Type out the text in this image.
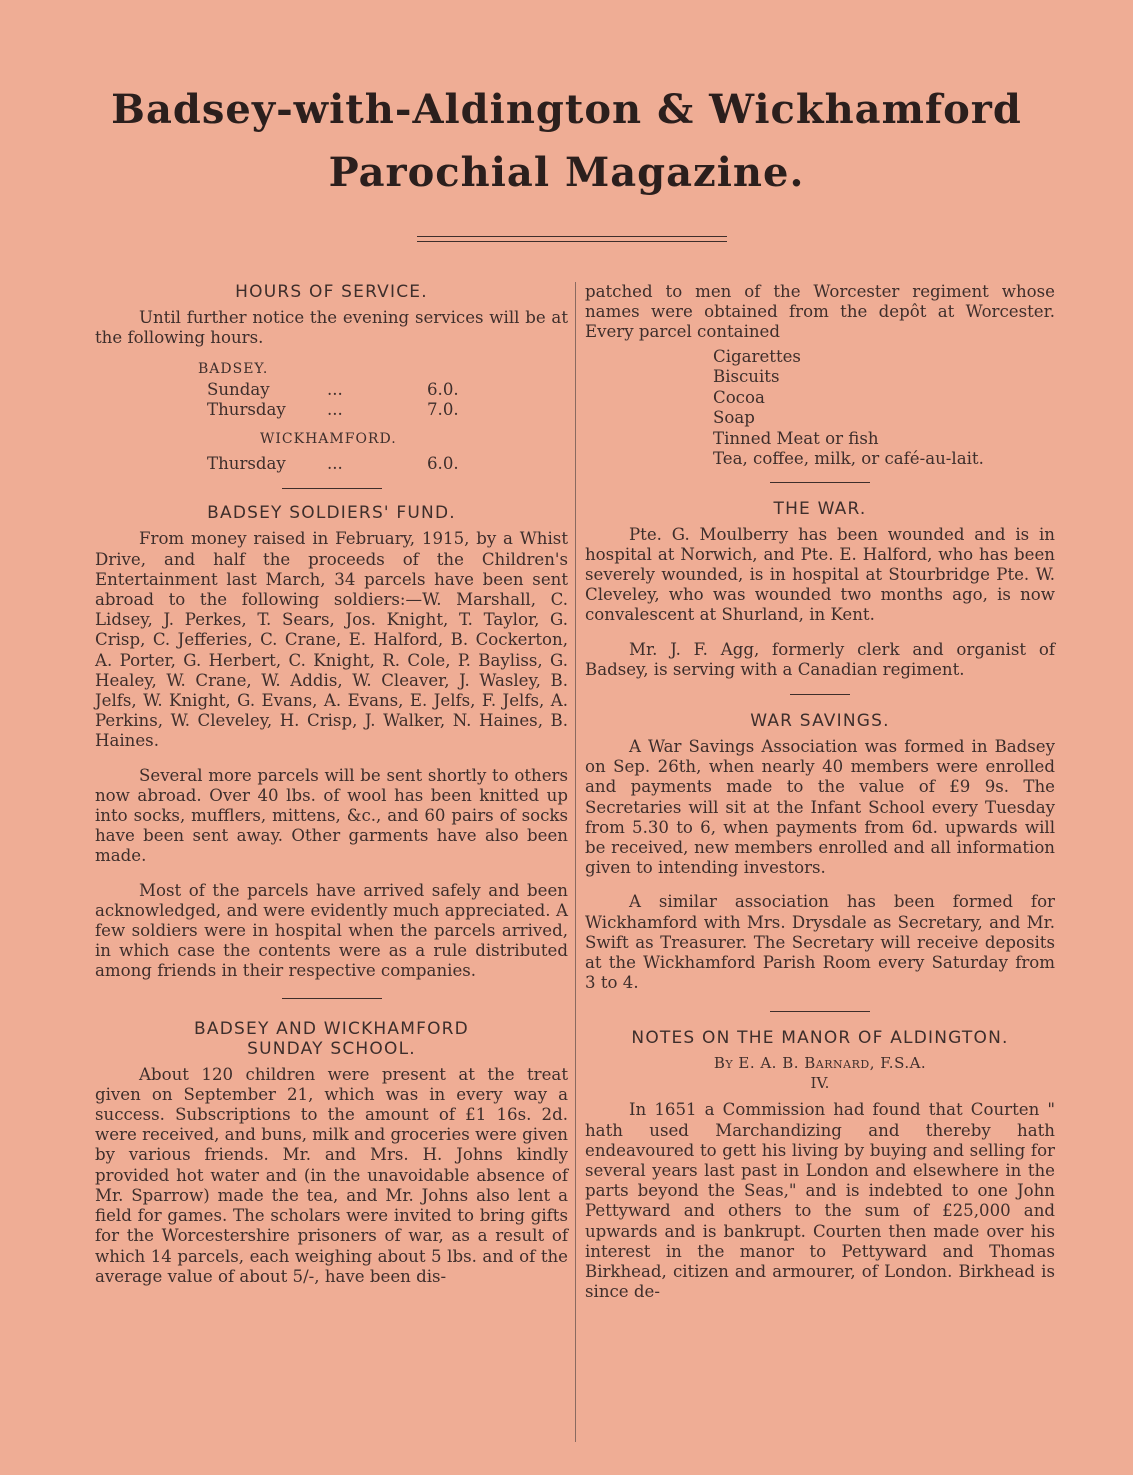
Badsey-with-Aldington & Wickhamford
Parochial Magazine.
HOURS OF SERVICE.

Until further notice the evening services will be at the following hours.

BADSEY.
Sunday	...	6.0.
Thursday	...	7.0.
WICKHAMFORD.
Thursday	...	6.0.
BADSEY SOLDIERS' FUND.

From money raised in February, 1915, by a Whist Drive, and half the proceeds of the Children's Entertainment last March, 34 parcels have been sent abroad to the following soldiers:—W. Marshall, C. Lidsey, J. Perkes, T. Sears, Jos. Knight, T. Taylor, G. Crisp, C. Jefferies, C. Crane, E. Halford, B. Cockerton, A. Porter, G. Herbert, C. Knight, R. Cole, P. Bayliss, G. Healey, W. Crane, W. Addis, W. Cleaver, J. Wasley, B. Jelfs, W. Knight, G. Evans, A. Evans, E. Jelfs, F. Jelfs, A. Perkins, W. Cleveley, H. Crisp, J. Walker, N. Haines, B. Haines.

Several more parcels will be sent shortly to others now abroad. Over 40 lbs. of wool has been knitted up into socks, mufflers, mittens, &c., and 60 pairs of socks have been sent away. Other garments have also been made.

Most of the parcels have arrived safely and been acknowledged, and were evidently much appreciated. A few soldiers were in hospital when the parcels arrived, in which case the contents were as a rule distributed among friends in their respective companies.

BADSEY AND WICKHAMFORD
SUNDAY SCHOOL.

About 120 children were present at the treat given on September 21, which was in every way a success. Subscriptions to the amount of £1 16s. 2d. were received, and buns, milk and groceries were given by various friends. Mr. and Mrs. H. Johns kindly provided hot water and (in the unavoidable absence of Mr. Sparrow) made the tea, and Mr. Johns also lent a field for games. The scholars were invited to bring gifts for the Worcestershire prisoners of war, as a result of which 14 parcels, each weighing about 5 lbs. and of the average value of about 5/-, have been dis-

patched to men of the Worcester regiment whose names were obtained from the depôt at Worcester. Every parcel contained

Cigarettes
Biscuits
Cocoa
Soap
Tinned Meat or fish
Tea, coffee, milk, or café-au-lait.
THE WAR.

Pte. G. Moulberry has been wounded and is in hospital at Norwich, and Pte. E. Halford, who has been severely wounded, is in hospital at Stourbridge Pte. W. Cleveley, who was wounded two months ago, is now convalescent at Shurland, in Kent.

Mr. J. F. Agg, formerly clerk and organist of Badsey, is serving with a Canadian regiment.

WAR SAVINGS.

A War Savings Association was formed in Badsey on Sep. 26th, when nearly 40 members were enrolled and payments made to the value of £9 9s. The Secretaries will sit at the Infant School every Tuesday from 5.30 to 6, when payments from 6d. upwards will be received, new members enrolled and all information given to intending investors.

A similar association has been formed for Wickhamford with Mrs. Drysdale as Secretary, and Mr. Swift as Treasurer. The Secretary will receive deposits at the Wickhamford Parish Room every Saturday from 3 to 4.

NOTES ON THE MANOR OF ALDINGTON.
By E. A. B. Barnard, F.S.A.
IV.

In 1651 a Commission had found that Courten " hath used Marchandizing and thereby hath endeavoured to gett his living by buying and selling for several years last past in London and elsewhere in the parts beyond the Seas," and is indebted to one John Pettyward and others to the sum of £25,000 and upwards and is bankrupt. Courten then made over his interest in the manor to Pettyward and Thomas Birkhead, citizen and armourer, of London. Birkhead is since de-
